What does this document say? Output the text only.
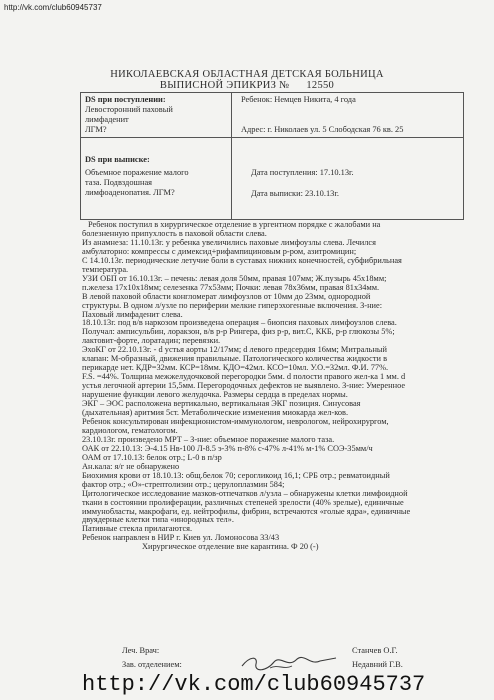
http://vk.com/club60945737
НИКОЛАЕВСКАЯ ОБЛАСТНАЯ ДЕТСКАЯ БОЛЬНИЦА
ВЫПИСНОЙ ЭПИКРИЗ № 12550
DS при поступлении:
Левосторонний паховый
лимфаденит
ЛГМ?
Ребенок: Немцев Никита, 4 года
Адрес: г. Николаев ул. 5 Слободская 76 кв. 25
DS при выписке:
Объемное поражение малого
таза. Подвздошная
лимфоаденопатия. ЛГМ?
Дата поступления: 17.10.13г.
Дата выписки: 23.10.13г.
Ребенок поступил в хирургическое отделение в ургентном порядке с жалобами на
болезненную припухлость в паховой области слева.
Из анамнеза: 11.10.13г. у ребенка увеличились паховые лимфоузлы слева. Лечился
амбулаторно: компрессы с димексид+рифампициновым р-ром, азитромицин;
С 14.10.13г. периодические летучие боли в суставах нижних конечностей, субфибрильная
температура.
УЗИ ОБП от 16.10.13г. – печень: левая доля 50мм, правая 107мм; Ж.пузырь 45х18мм;
п.железа 17х10х18мм; селезенка 77х53мм; Почки: левая 78х36мм, правая 81х34мм.
В левой паховой области конгломерат лимфоузлов от 10мм до 23мм, однородной
структуры. В одном л/узле по периферии мелкие гиперэхогенные включения. З-ние:
Паховый лимфаденит слева.
18.10.13г. под в/в наркозом произведена операция – биопсия паховых лимфоузлов слева.
Получал: амписульбин, лоракзон, в/в р-р Рингера, физ р-р, вит.С, ККБ, р-р глюкозы 5%;
лактовит-форте, лоратадин; перевязки.
ЭхоКГ от 22.10.13г. - d устья аорты 12/17мм; d левого предсердия 16мм; Митральный
клапан: М-образный, движения правильные. Патологического количества жидкости в
перикарде нет. КДР=32мм. КСР=18мм. КДО=42мл. КСО=10мл. У.О.=32мл. Ф.И. 77%.
F.S. =44%. Толщина межжелудочковой перегородки 5мм. d полости правого жел-ка 1 мм. d
устья легочной артерии 15,5мм. Перегородочных дефектов не выявлено. З-ние: Умеренное
нарушение функции левого желудочка. Размеры сердца в пределах нормы.
ЭКГ – ЭОС расположена вертикально, вертикальная ЭКГ позиция. Синусовая
(дыхательная) аритмия 5ст. Метаболические изменения миокарда жел-ков.
Ребенок консультирован инфекционистом-иммунологом, неврологом, нейрохирургом,
кардиологом, гематологом.
23.10.13г. произведено МРТ – З-ние: объемное поражение малого таза.
ОАК от 22.10.13: Э-4.15 Нв-100 Л-8.5 э-3% п-8% с-47% л-41% м-1% СОЭ-35мм/ч
ОАМ от 17.10.13: белок отр.; L-0 в п/зр
Ан.кала: я/г не обнаружено
Биохимия крови от 18.10.13: общ.белок 70; серогликоид 16,1; СРБ отр.; ревматоидный
фактор отр.; «О»-стрептолизин отр.; церулоплазмин 584;
Цитологическое исследование мазков-отпечатков л/узла – обнаружены клетки лимфоидной
ткани в состоянии пролиферации, различных степеней зрелости (40% зрелые), единичные
иммунобласты, макрофаги, ед. нейтрофилы, фибрин, встречаются «голые ядра», единичные
двуядерные клетки типа «инородных тел».
Пативные стекла прилагаются.
Ребенок направлен в НИР г. Киев ул. Ломоносова 33/43
Хирургическое отделение вне карантина. Ф 20 (-)
Леч. Врач:	Станчев О.Г.
Зав. отделением:	Недавний Г.В.
http://vk.com/club60945737
